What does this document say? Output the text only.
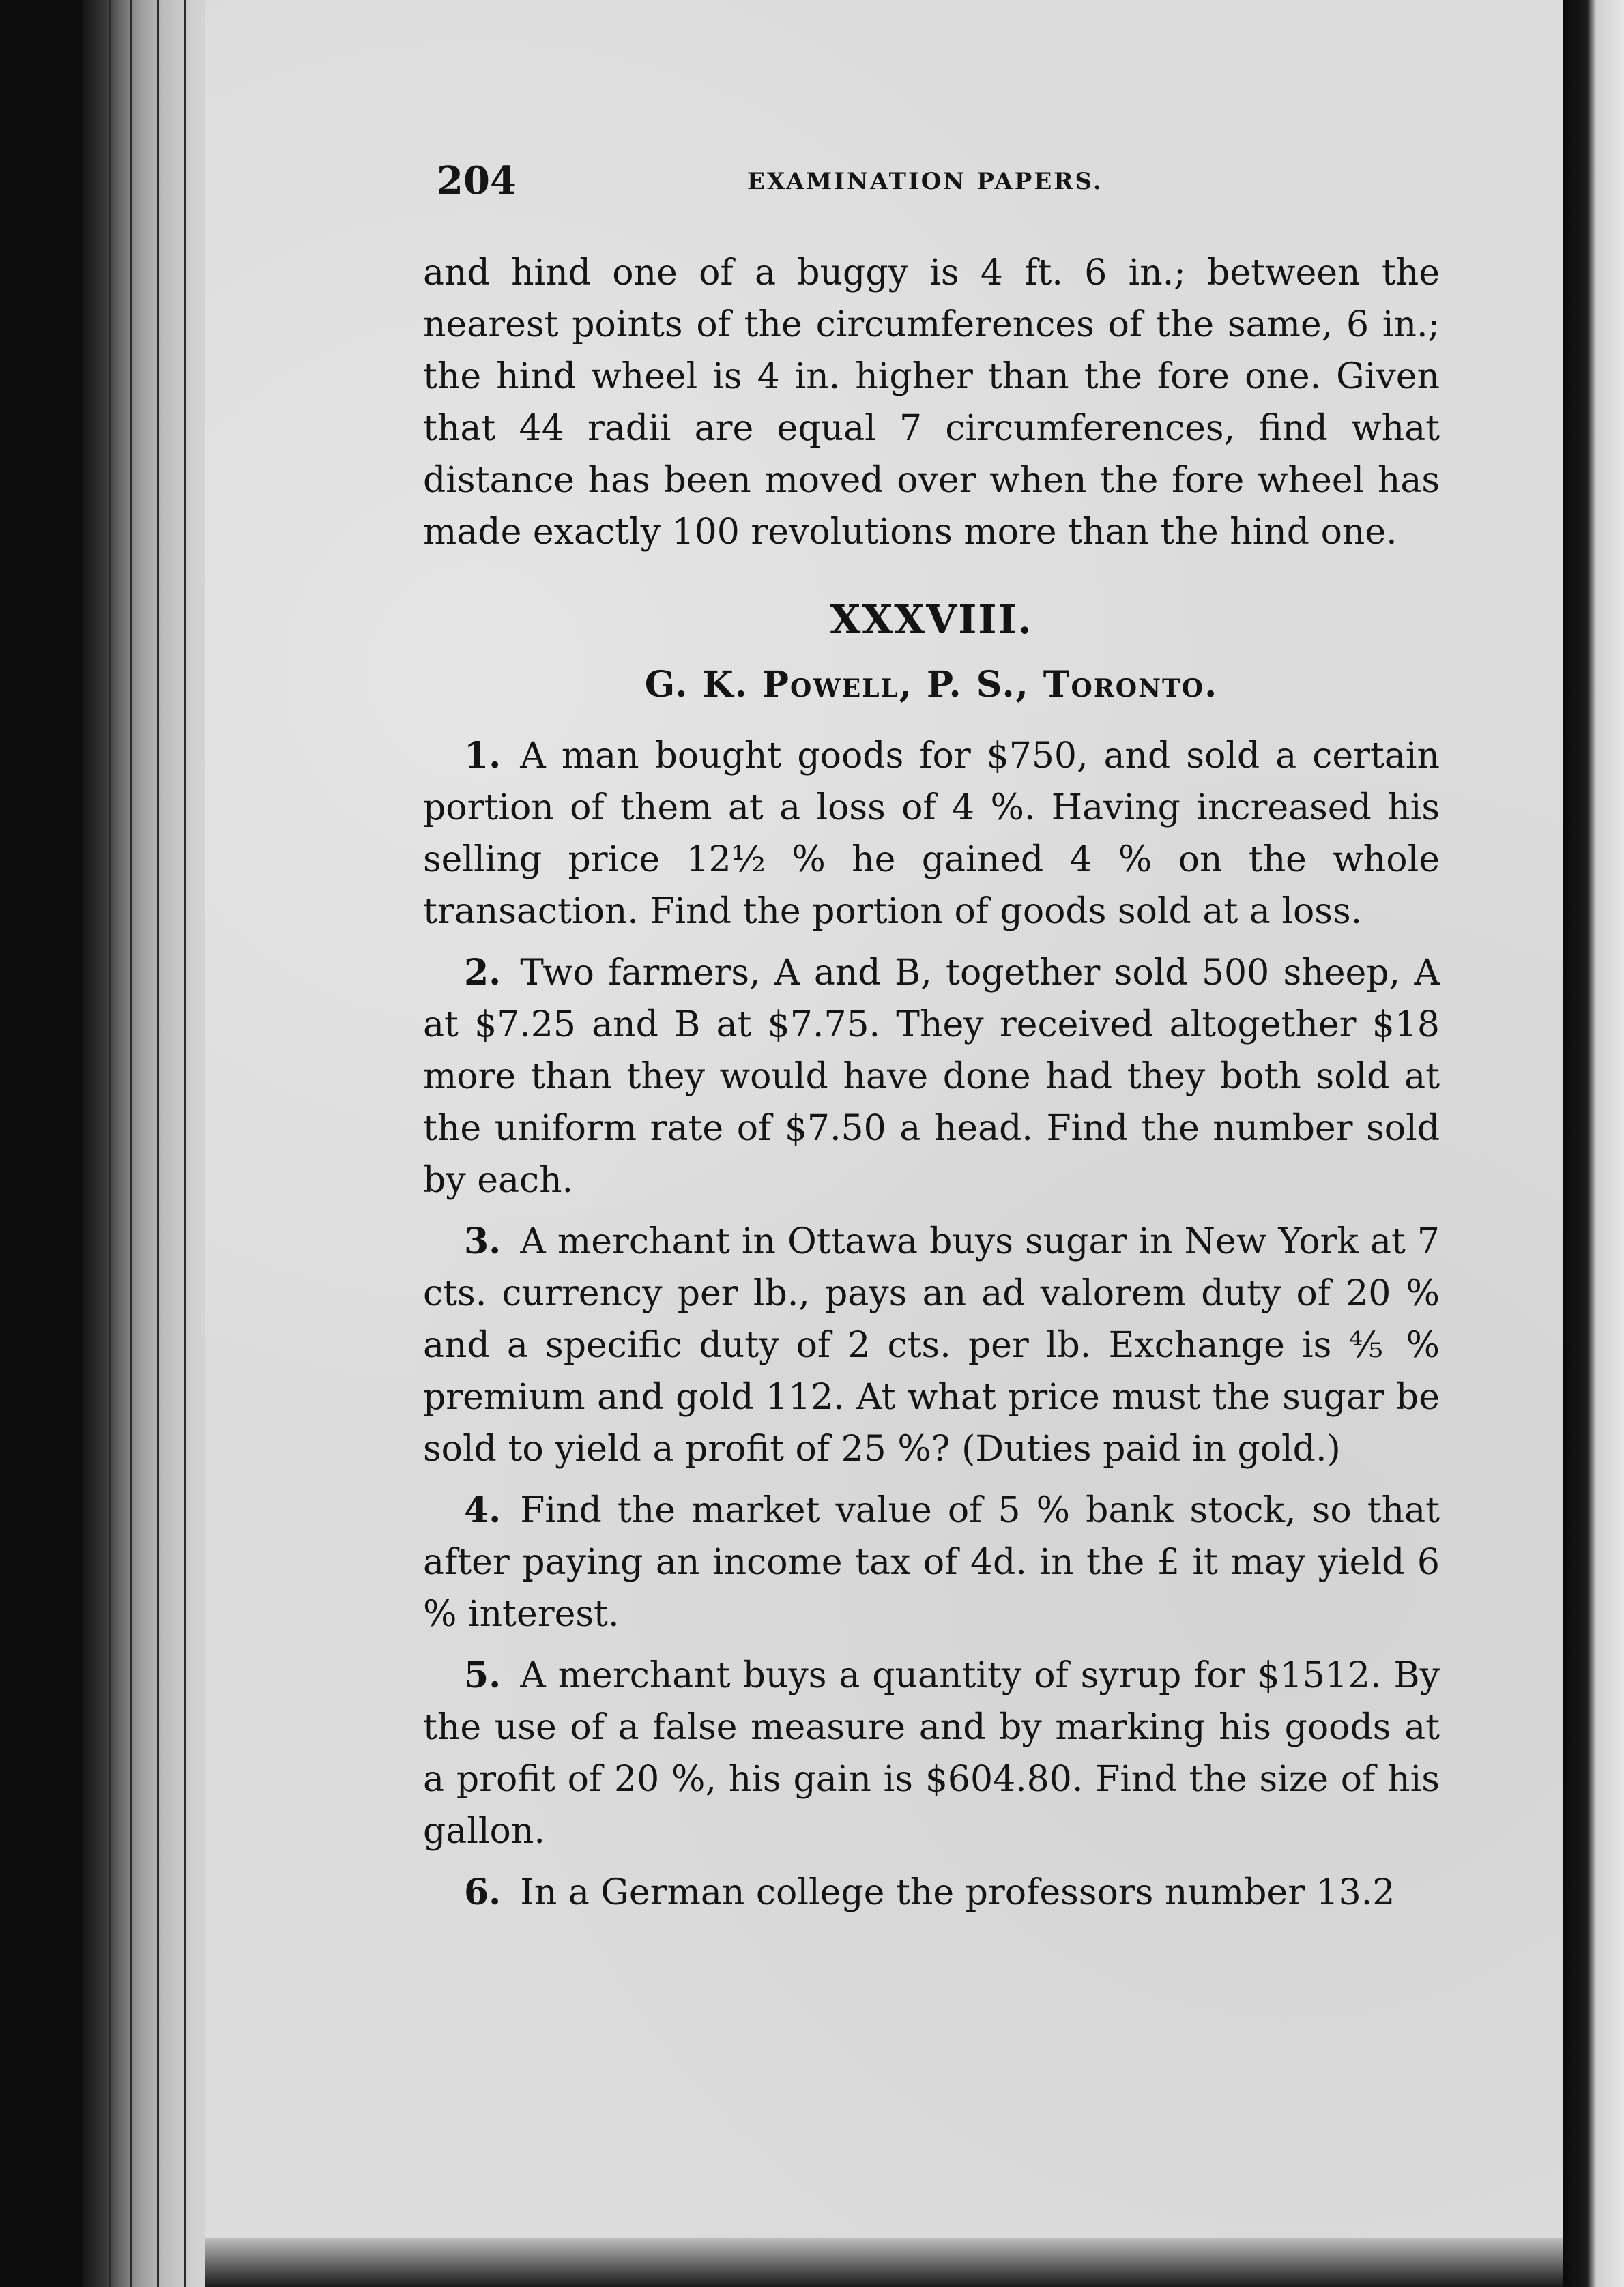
204	EXAMINATION PAPERS.

and hind one of a buggy is 4 ft. 6 in.; between the nearest points of the circumferences of the same, 6 in.; the hind wheel is 4 in. higher than the fore one. Given that 44 radii are equal 7 circumferences, find what distance has been moved over when the fore wheel has made exactly 100 revolutions more than the hind one.

XXXVIII.

G. K. Powell, P. S., Toronto.

1. A man bought goods for $750, and sold a certain portion of them at a loss of 4 %. Having increased his selling price 12½ % he gained 4 % on the whole transaction. Find the portion of goods sold at a loss.

2. Two farmers, A and B, together sold 500 sheep, A at $7.25 and B at $7.75. They received altogether $18 more than they would have done had they both sold at the uniform rate of $7.50 a head. Find the number sold by each.

3. A merchant in Ottawa buys sugar in New York at 7 cts. currency per lb., pays an ad valorem duty of 20 % and a specific duty of 2 cts. per lb. Exchange is ⅘ % premium and gold 112. At what price must the sugar be sold to yield a profit of 25 %? (Duties paid in gold.)

4. Find the market value of 5 % bank stock, so that after paying an income tax of 4d. in the £ it may yield 6 % interest.

5. A merchant buys a quantity of syrup for $1512. By the use of a false measure and by marking his goods at a profit of 20 %, his gain is $604.80. Find the size of his gallon.

6. In a German college the professors number 13.2
